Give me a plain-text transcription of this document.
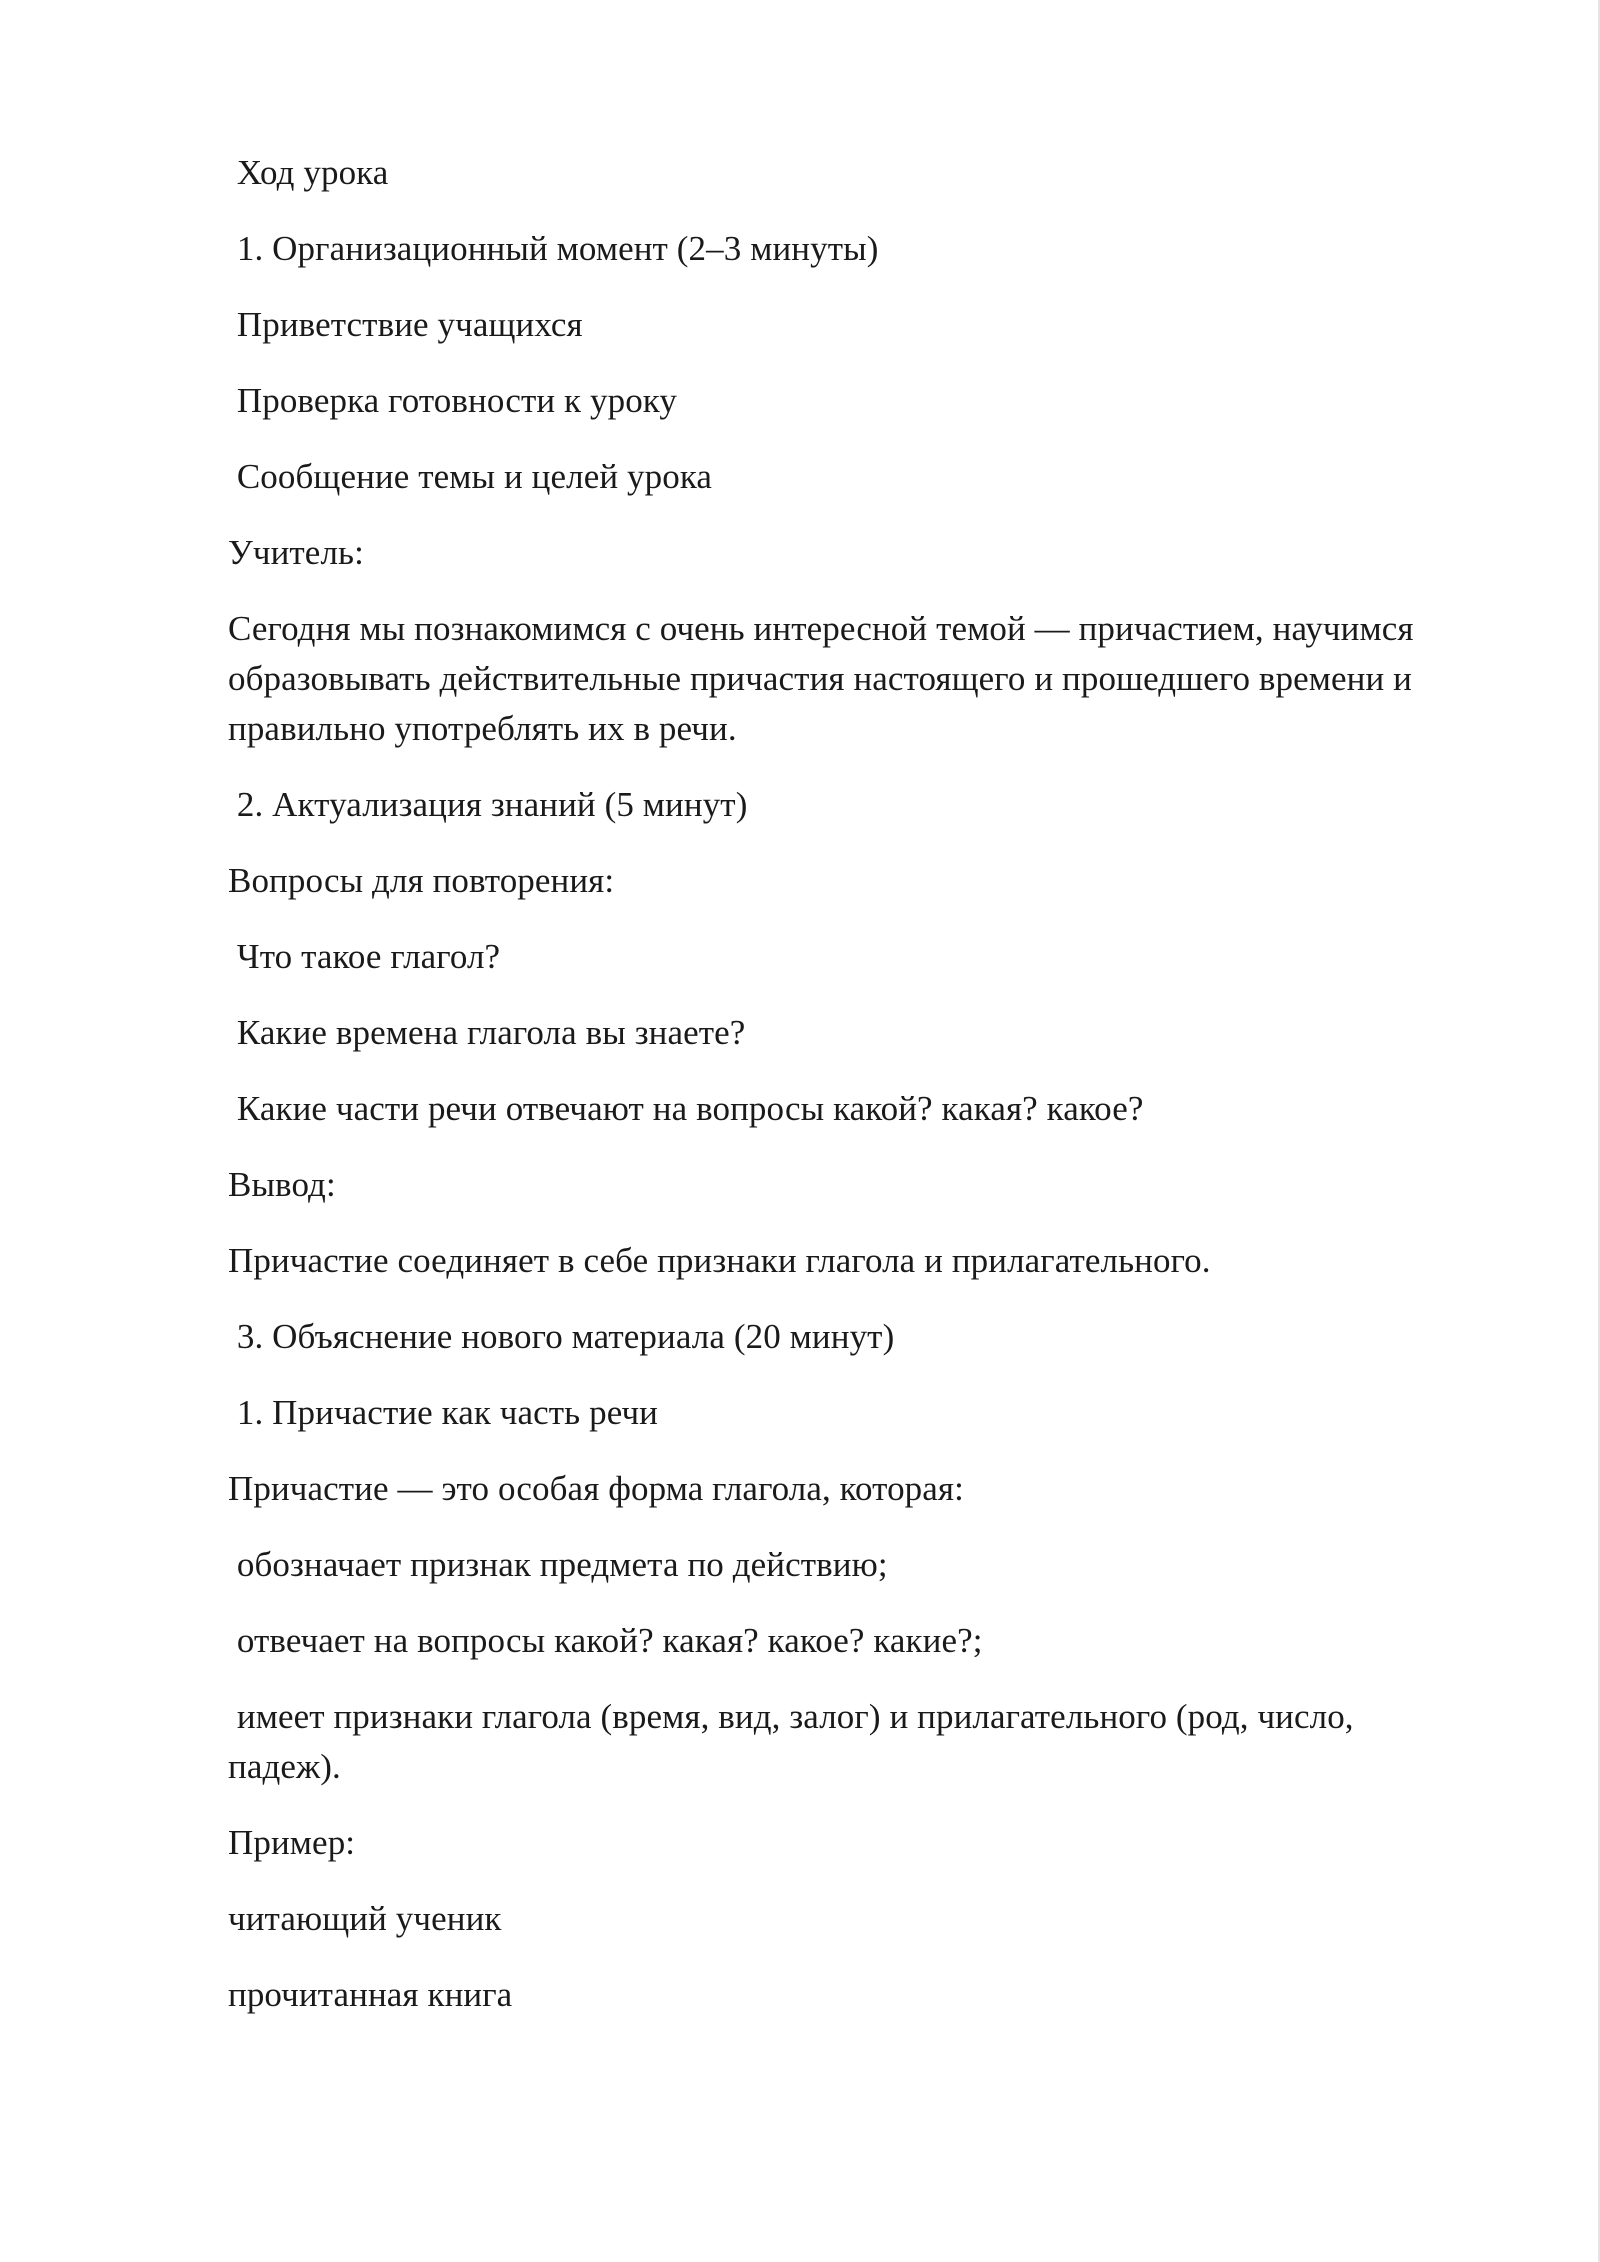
Ход урока

1. Организационный момент (2–3 минуты)

Приветствие учащихся

Проверка готовности к уроку

Сообщение темы и целей урока

Учитель:

Сегодня мы познакомимся с очень интересной темой — причастием, научимся образовывать действительные причастия настоящего и прошедшего времени и правильно употреблять их в речи.

2. Актуализация знаний (5 минут)

Вопросы для повторения:

Что такое глагол?

Какие времена глагола вы знаете?

Какие части речи отвечают на вопросы какой? какая? какое?

Вывод:

Причастие соединяет в себе признаки глагола и прилагательного.

3. Объяснение нового материала (20 минут)

1. Причастие как часть речи

Причастие — это особая форма глагола, которая:

обозначает признак предмета по действию;

отвечает на вопросы какой? какая? какое? какие?;

имеет признаки глагола (время, вид, залог) и прилагательного (род, число, падеж).

Пример:

читающий ученик

прочитанная книга
